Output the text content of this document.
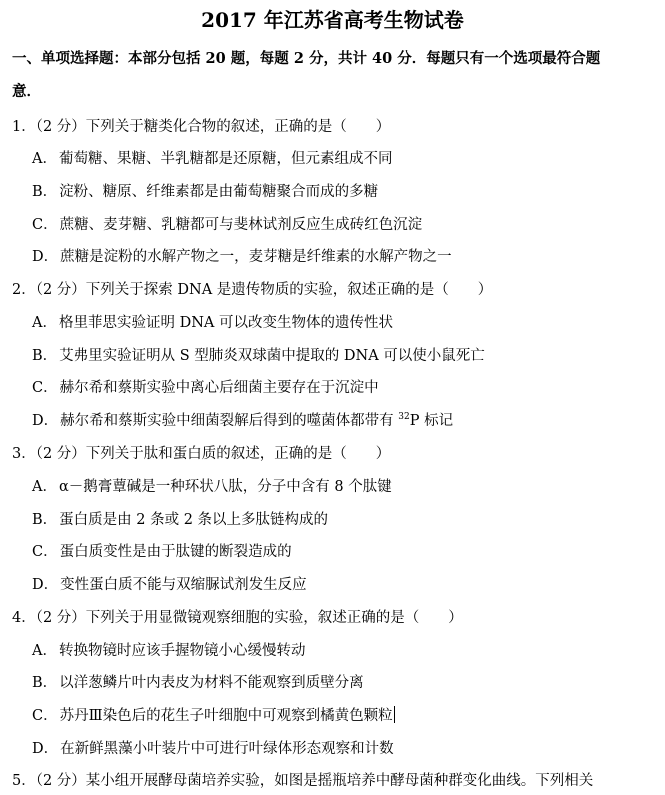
2017 年江苏省高考生物试卷
一、单项选择题：本部分包括 20 题，每题 2 分，共计 40 分．每题只有一个选项最符合题意．
1．（2 分）下列关于糖类化合物的叙述，正确的是（　　）
A． 葡萄糖、果糖、半乳糖都是还原糖，但元素组成不同
B． 淀粉、糖原、纤维素都是由葡萄糖聚合而成的多糖
C． 蔗糖、麦芽糖、乳糖都可与斐林试剂反应生成砖红色沉淀
D． 蔗糖是淀粉的水解产物之一，麦芽糖是纤维素的水解产物之一
2．（2 分）下列关于探索 DNA 是遗传物质的实验，叙述正确的是（　　）
A． 格里菲思实验证明 DNA 可以改变生物体的遗传性状
B． 艾弗里实验证明从 S 型肺炎双球菌中提取的 DNA 可以使小鼠死亡
C． 赫尔希和蔡斯实验中离心后细菌主要存在于沉淀中
D． 赫尔希和蔡斯实验中细菌裂解后得到的噬菌体都带有 $^{32}$P 标记
3．（2 分）下列关于肽和蛋白质的叙述，正确的是（　　）
A． α－鹅膏蕈碱是一种环状八肽，分子中含有 8 个肽键
B． 蛋白质是由 2 条或 2 条以上多肽链构成的
C． 蛋白质变性是由于肽键的断裂造成的
D． 变性蛋白质不能与双缩脲试剂发生反应
4．（2 分）下列关于用显微镜观察细胞的实验，叙述正确的是（　　）
A． 转换物镜时应该手握物镜小心缓慢转动
B． 以洋葱鳞片叶内表皮为材料不能观察到质壁分离
C． 苏丹Ⅲ染色后的花生子叶细胞中可观察到橘黄色颗粒
D． 在新鲜黑藻小叶装片中可进行叶绿体形态观察和计数
5．（2 分）某小组开展酵母菌培养实验，如图是摇瓶培养中酵母菌种群变化曲线。下列相关
